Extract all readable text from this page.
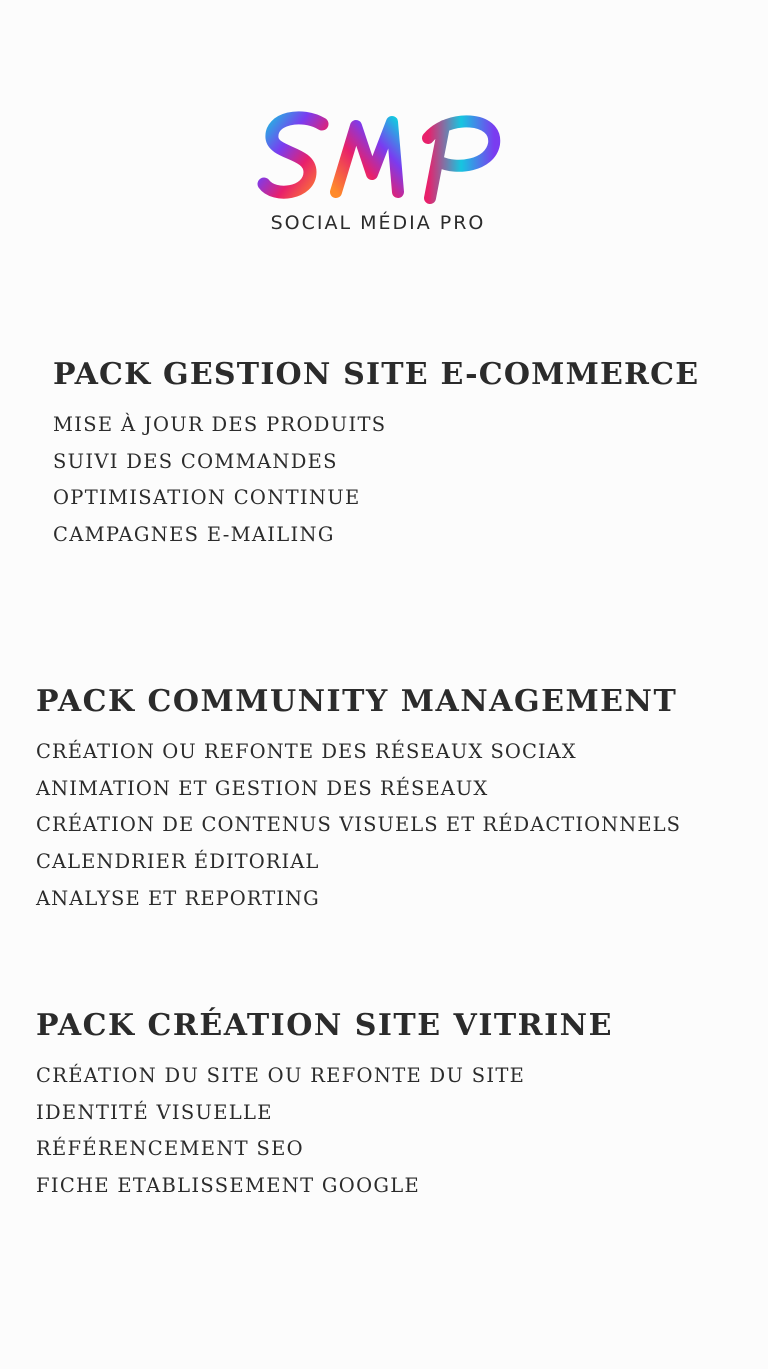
SOCIAL MÉDIA PRO
PACK GESTION SITE E-COMMERCE
MISE À JOUR DES PRODUITS
SUIVI DES COMMANDES
OPTIMISATION CONTINUE
CAMPAGNES E-MAILING
PACK COMMUNITY MANAGEMENT
CRÉATION OU REFONTE DES RÉSEAUX SOCIAX
ANIMATION ET GESTION DES RÉSEAUX
CRÉATION DE CONTENUS VISUELS ET RÉDACTIONNELS
CALENDRIER ÉDITORIAL
ANALYSE ET REPORTING
PACK CRÉATION SITE VITRINE
CRÉATION DU SITE OU REFONTE DU SITE
IDENTITÉ VISUELLE
RÉFÉRENCEMENT SEO
FICHE ETABLISSEMENT GOOGLE
